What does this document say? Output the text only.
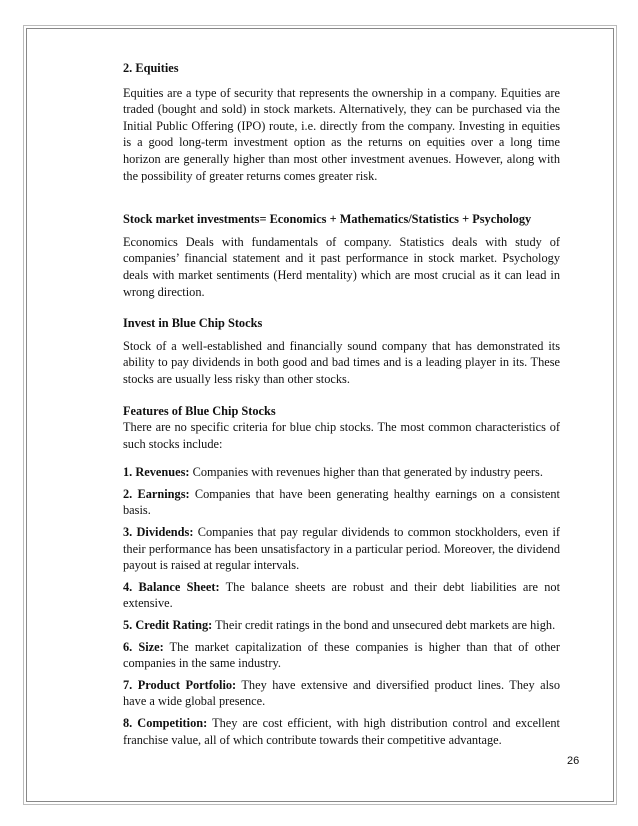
2. Equities

Equities are a type of security that represents the ownership in a company. Equities are traded (bought and sold) in stock markets. Alternatively, they can be purchased via the Initial Public Offering (IPO) route, i.e. directly from the company. Investing in equities is a good long-term investment option as the returns on equities over a long time horizon are generally higher than most other investment avenues. However, along with the possibility of greater returns comes greater risk.

Stock market investments= Economics + Mathematics/Statistics + Psychology

Economics Deals with fundamentals of company. Statistics deals with study of companies’ financial statement and it past performance in stock market. Psychology deals with market sentiments (Herd mentality) which are most crucial as it can lead in wrong direction.

Invest in Blue Chip Stocks

Stock of a well-established and financially sound company that has demonstrated its ability to pay dividends in both good and bad times and is a leading player in its. These stocks are usually less risky than other stocks.

Features of Blue Chip Stocks

There are no specific criteria for blue chip stocks. The most common characteristics of such stocks include:

1. Revenues: Companies with revenues higher than that generated by industry peers.

2. Earnings: Companies that have been generating healthy earnings on a consistent basis.

3. Dividends: Companies that pay regular dividends to common stockholders, even if their performance has been unsatisfactory in a particular period. Moreover, the dividend payout is raised at regular intervals.

4. Balance Sheet: The balance sheets are robust and their debt liabilities are not extensive.

5. Credit Rating: Their credit ratings in the bond and unsecured debt markets are high.

6. Size: The market capitalization of these companies is higher than that of other companies in the same industry.

7. Product Portfolio: They have extensive and diversified product lines. They also have a wide global presence.

8. Competition: They are cost efficient, with high distribution control and excellent franchise value, all of which contribute towards their competitive advantage.

26
